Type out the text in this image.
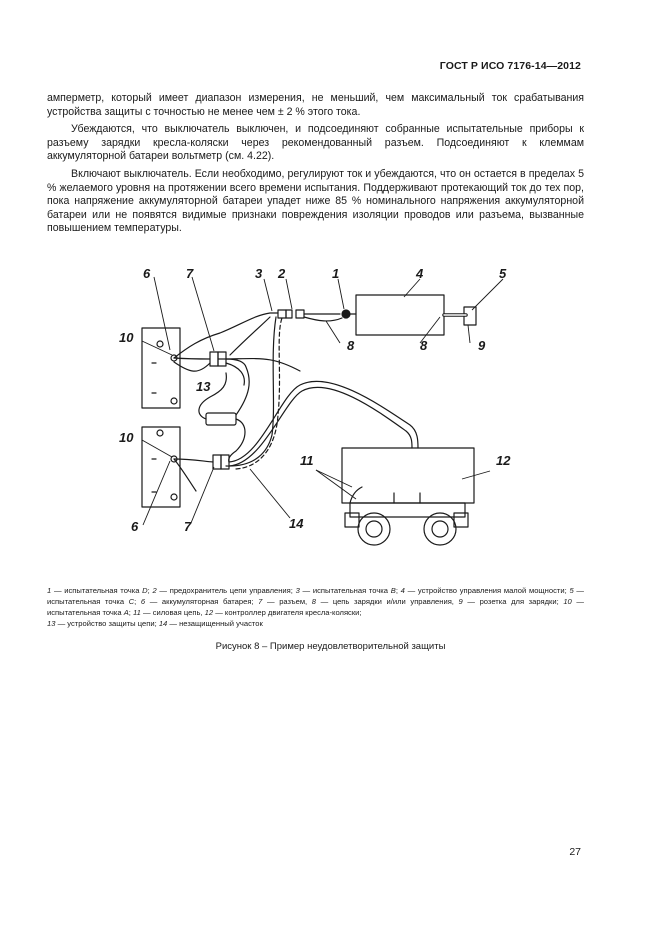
ГОСТ Р ИСО 7176-14—2012

амперметр, который имеет диапазон измерения, не меньший, чем максимальный ток срабатывания устройства защиты с точностью не менее чем ± 2 % этого тока.

Убеждаются, что выключатель выключен, и подсоединяют собранные испытательные приборы к разъему зарядки кресла-коляски через рекомендованный разъем. Подсоединяют к клеммам аккумуляторной батареи вольтметр (см. 4.22).

Включают выключатель. Если необходимо, регулируют ток и убеждаются, что он остается в пределах 5 % желаемого уровня на протяжении всего времени испытания. Поддерживают протекающий ток до тех пор, пока напряжение аккумуляторной батареи упадет ниже 85 % номинального напряжения аккумуляторной батареи или не появятся видимые признаки повреждения изоляции проводов или разъема, вызванные повышением температуры.

6	7	3 2	1	4	5
8	8	9
10
13
10
11	12
6	7	14
1 — испытательная точка D; 2 — предохранитель цепи управления; 3 — испытательная точка B; 4 — устройство управления малой мощности; 5 — испытательная точка C; 6 — аккумуляторная батарея; 7 — разъем, 8 — цепь зарядки и/или управления, 9 — розетка для зарядки; 10 — испытательная точка A; 11 — силовая цепь, 12 — контроллер двигателя кресла-коляски;
13 — устройство защиты цепи; 14 — незащищенный участок
Рисунок 8 – Пример неудовлетворительной защиты
27
